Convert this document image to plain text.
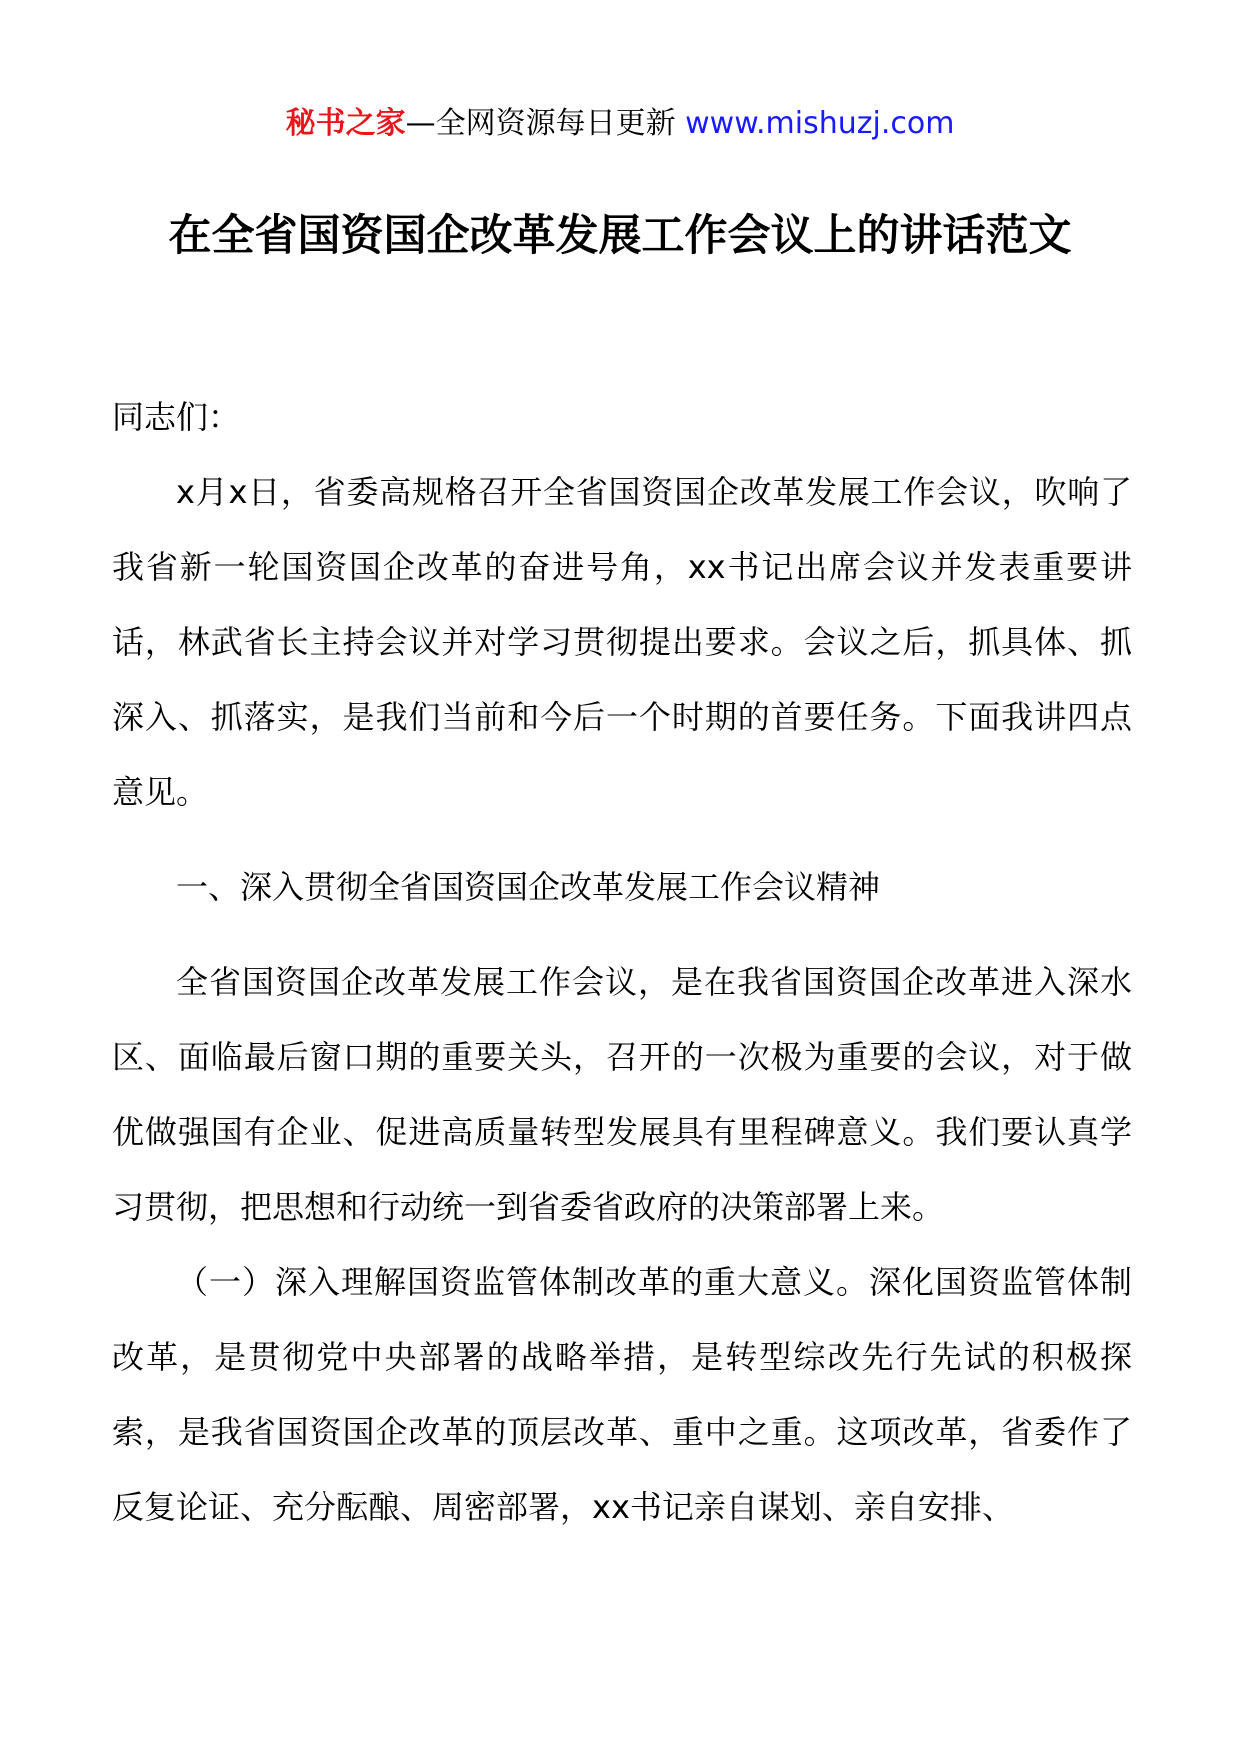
秘书之家—全网资源每日更新 www.mishuzj.com
在全省国资国企改革发展工作会议上的讲话范文

同志们：

x月x日，省委高规格召开全省国资国企改革发展工作会议，吹响了我省新一轮国资国企改革的奋进号角，xx书记出席会议并发表重要讲话，林武省长主持会议并对学习贯彻提出要求。会议之后，抓具体、抓深入、抓落实，是我们当前和今后一个时期的首要任务。下面我讲四点意见。

一、深入贯彻全省国资国企改革发展工作会议精神

全省国资国企改革发展工作会议，是在我省国资国企改革进入深水区、面临最后窗口期的重要关头，召开的一次极为重要的会议，对于做优做强国有企业、促进高质量转型发展具有里程碑意义。我们要认真学习贯彻，把思想和行动统一到省委省政府的决策部署上来。

（一）深入理解国资监管体制改革的重大意义。深化国资监管体制改革，是贯彻党中央部署的战略举措，是转型综改先行先试的积极探索，是我省国资国企改革的顶层改革、重中之重。这项改革，省委作了反复论证、充分酝酿、周密部署，xx书记亲自谋划、亲自安排、
